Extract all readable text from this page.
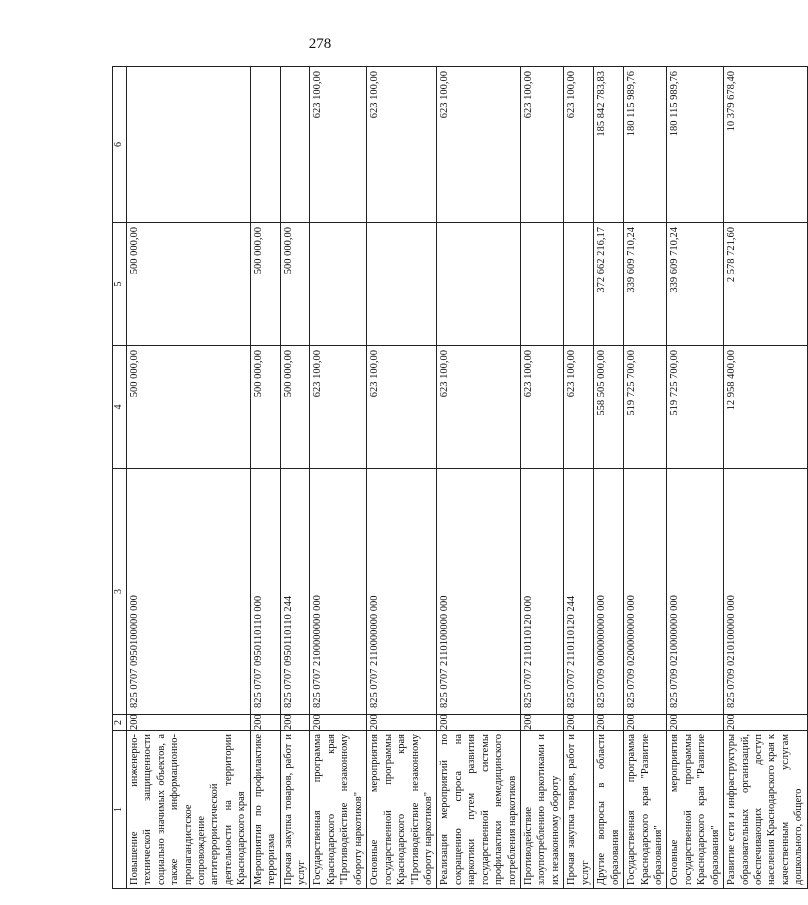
278
1	2	3	4	5	6
Повышение инженерно-технической защищенности социально значимых объектов, а также информационно-пропагандистское сопровождение антитеррористической деятельности на территории Краснодарского края	200	825 0707 0950100000 000	500 000,00	500 000,00	
Мероприятия по профилактике терроризма	200	825 0707 0950110110 000	500 000,00	500 000,00	
Прочая закупка товаров, работ и услуг	200	825 0707 0950110110 244	500 000,00	500 000,00	
Государственная программа Краснодарского края "Противодействие незаконному обороту наркотиков"	200	825 0707 2100000000 000	623 100,00		623 100,00
Основные мероприятия государственной программы Краснодарского края "Противодействие незаконному обороту наркотиков"	200	825 0707 2110000000 000	623 100,00		623 100,00
Реализация мероприятий по сокращению спроса на наркотики путем развития государственной системы профилактики немедицинского потребления наркотиков	200	825 0707 2110100000 000	623 100,00		623 100,00
Противодействие злоупотреблению наркотиками и их незаконному обороту	200	825 0707 2110110120 000	623 100,00		623 100,00
Прочая закупка товаров, работ и услуг	200	825 0707 2110110120 244	623 100,00		623 100,00
Другие вопросы в области образования	200	825 0709 0000000000 000	558 505 000,00	372 662 216,17	185 842 783,83
Государственная программа Краснодарского края "Развитие образования"	200	825 0709 0200000000 000	519 725 700,00	339 609 710,24	180 115 989,76
Основные мероприятия государственной программы Краснодарского края "Развитие образования"	200	825 0709 0210000000 000	519 725 700,00	339 609 710,24	180 115 989,76
Развитие сети и инфраструктуры образовательных организаций, обеспечивающих доступ населения Краснодарского края к качественным услугам дошкольного, общего	200	825 0709 0210100000 000	12 958 400,00	2 578 721,60	10 379 678,40
